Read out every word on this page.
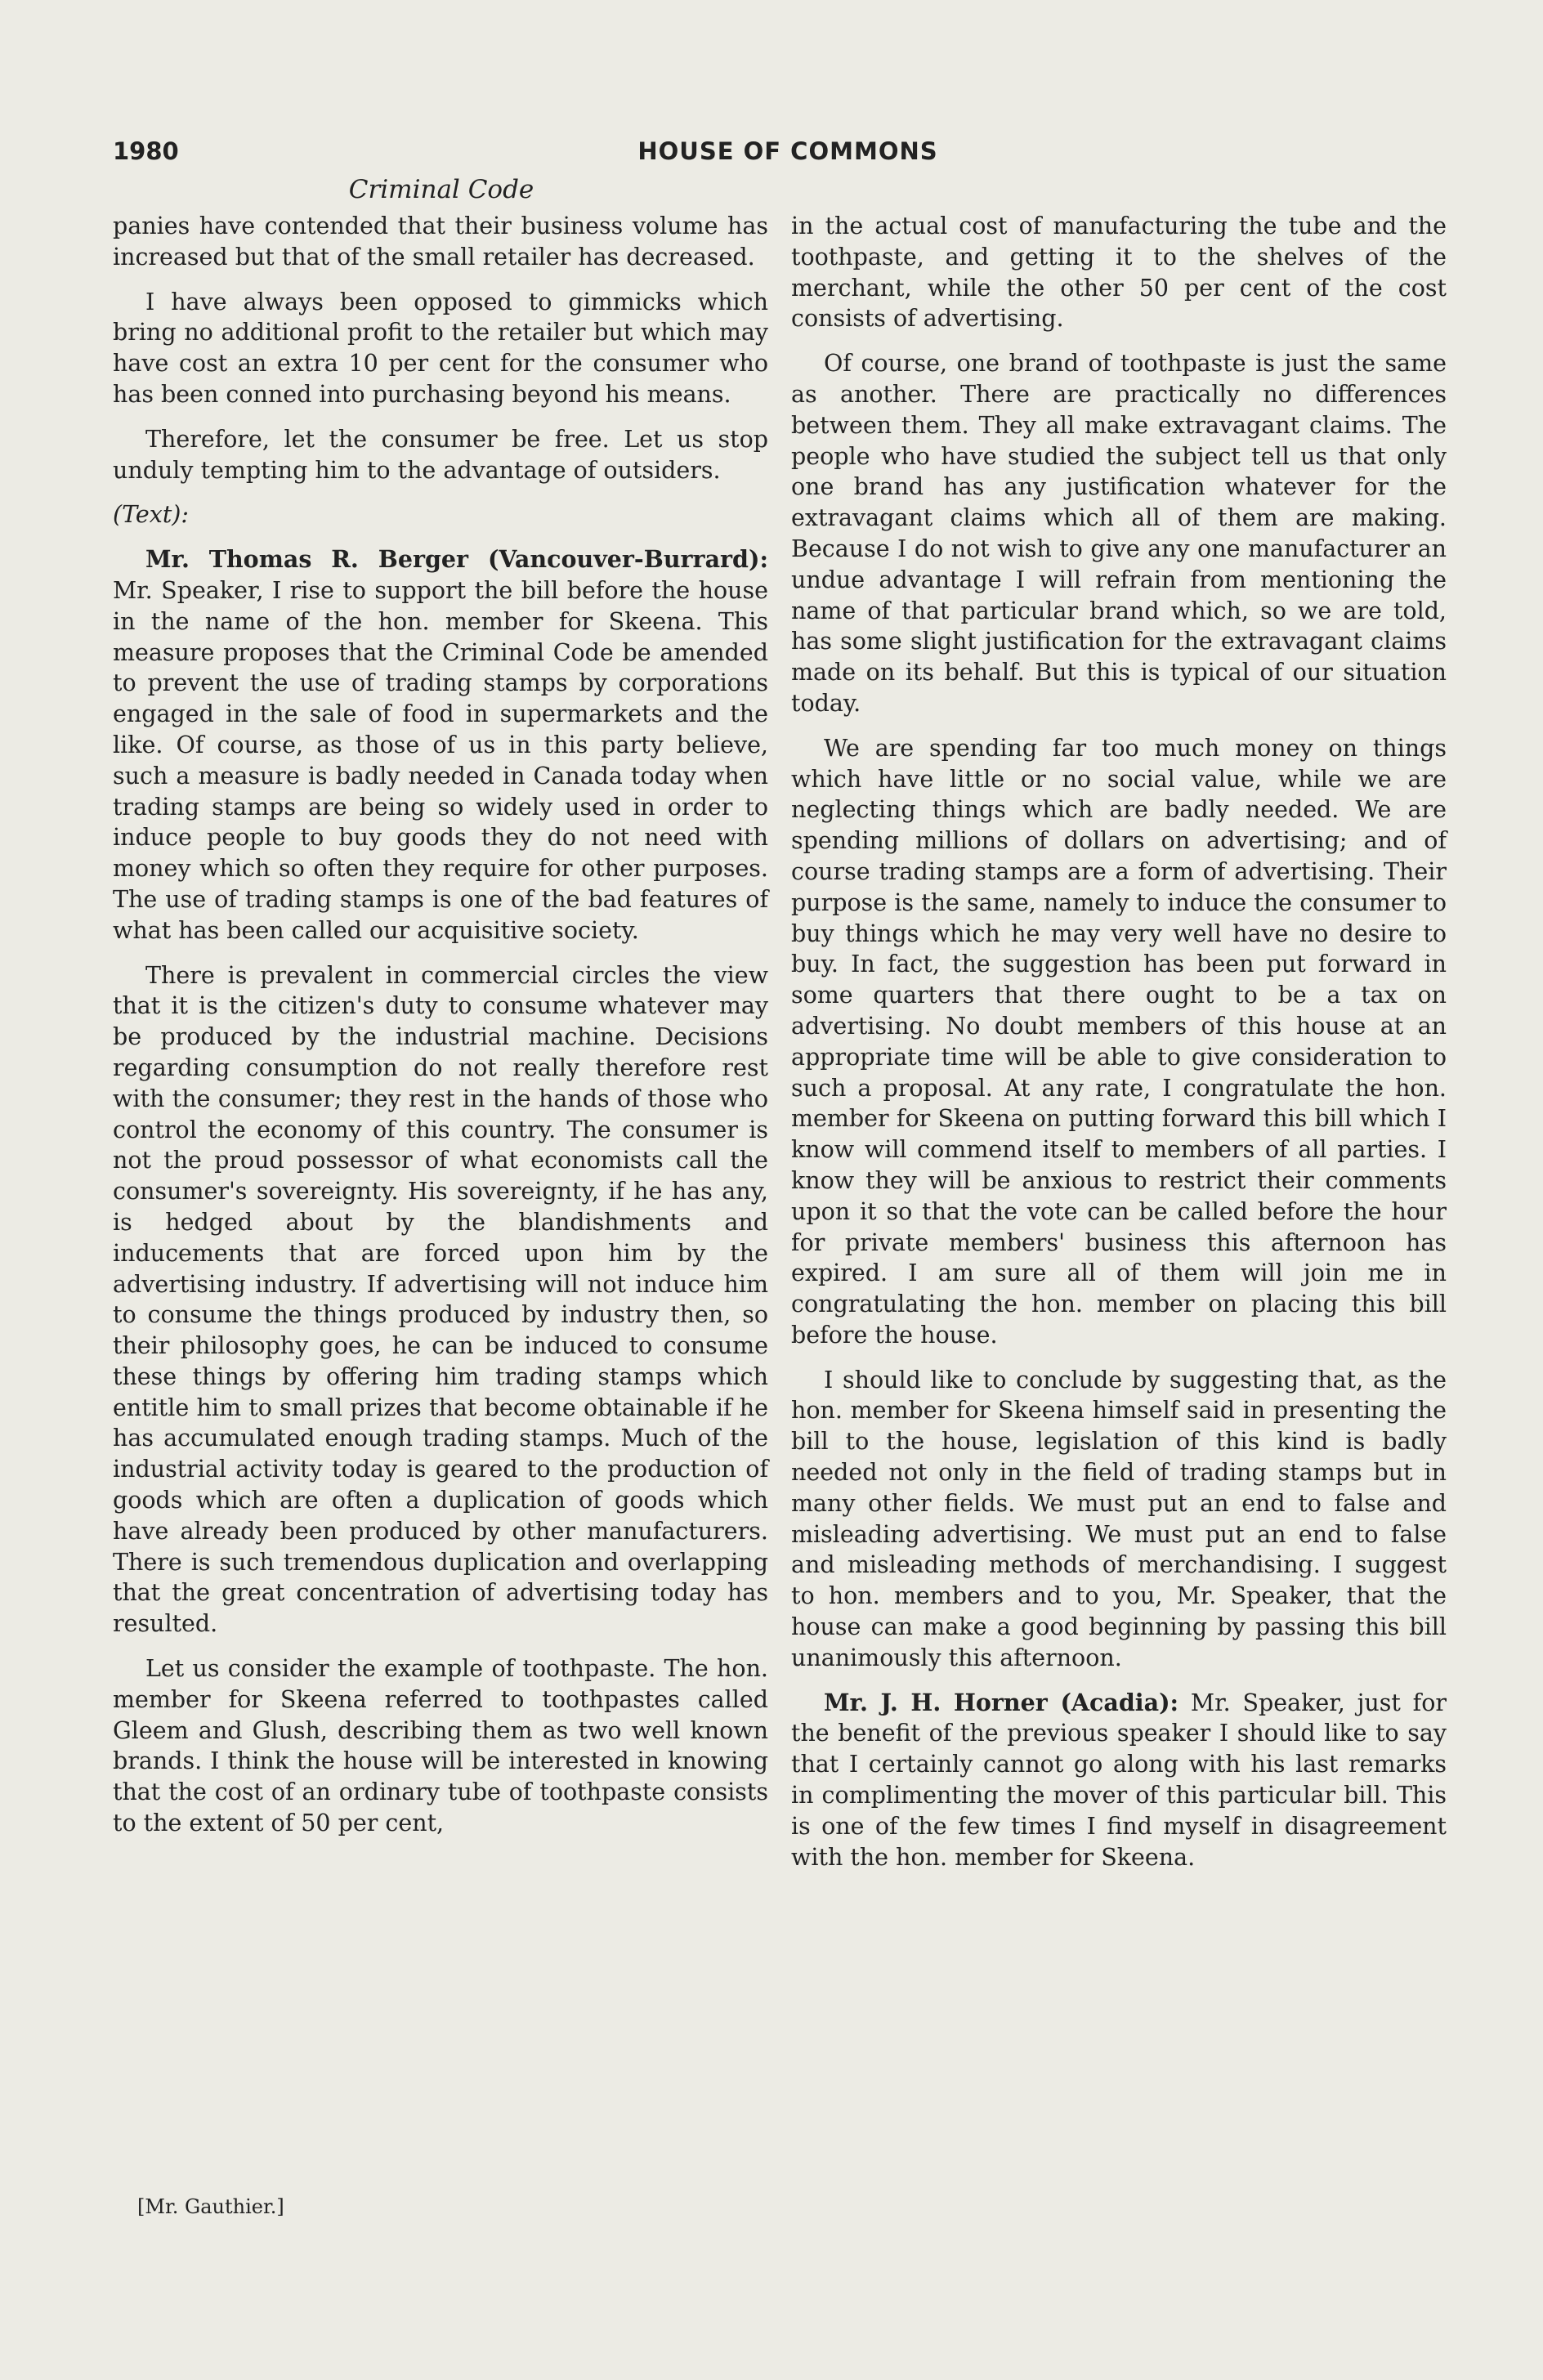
1980	HOUSE OF COMMONS
Criminal Code

panies have contended that their business volume has increased but that of the small retailer has decreased.

I have always been opposed to gimmicks which bring no additional profit to the retailer but which may have cost an extra 10 per cent for the consumer who has been conned into purchasing beyond his means.

Therefore, let the consumer be free. Let us stop unduly tempting him to the advantage of outsiders.

(Text):

Mr. Thomas R. Berger (Vancouver-Burrard): Mr. Speaker, I rise to support the bill before the house in the name of the hon. member for Skeena. This measure proposes that the Criminal Code be amended to prevent the use of trading stamps by corporations engaged in the sale of food in supermarkets and the like. Of course, as those of us in this party believe, such a measure is badly needed in Canada today when trading stamps are being so widely used in order to induce people to buy goods they do not need with money which so often they require for other purposes. The use of trading stamps is one of the bad features of what has been called our acquisitive society.

There is prevalent in commercial circles the view that it is the citizen's duty to consume whatever may be produced by the industrial machine. Decisions regarding consumption do not really therefore rest with the consumer; they rest in the hands of those who control the economy of this country. The consumer is not the proud possessor of what economists call the consumer's sovereignty. His sovereignty, if he has any, is hedged about by the blandishments and inducements that are forced upon him by the advertising industry. If advertising will not induce him to consume the things produced by industry then, so their philosophy goes, he can be induced to consume these things by offering him trading stamps which entitle him to small prizes that become obtainable if he has accumulated enough trading stamps. Much of the industrial activity today is geared to the production of goods which are often a duplication of goods which have already been produced by other manufacturers. There is such tremendous duplication and overlapping that the great concentration of advertising today has resulted.

Let us consider the example of toothpaste. The hon. member for Skeena referred to toothpastes called Gleem and Glush, describing them as two well known brands. I think the house will be interested in knowing that the cost of an ordinary tube of toothpaste consists to the extent of 50 per cent,

in the actual cost of manufacturing the tube and the toothpaste, and getting it to the shelves of the merchant, while the other 50 per cent of the cost consists of advertising.

Of course, one brand of toothpaste is just the same as another. There are practically no differences between them. They all make extravagant claims. The people who have studied the subject tell us that only one brand has any justification whatever for the extravagant claims which all of them are making. Because I do not wish to give any one manufacturer an undue advantage I will refrain from mentioning the name of that particular brand which, so we are told, has some slight justification for the extravagant claims made on its behalf. But this is typical of our situation today.

We are spending far too much money on things which have little or no social value, while we are neglecting things which are badly needed. We are spending millions of dollars on advertising; and of course trading stamps are a form of advertising. Their purpose is the same, namely to induce the consumer to buy things which he may very well have no desire to buy. In fact, the suggestion has been put forward in some quarters that there ought to be a tax on advertising. No doubt members of this house at an appropriate time will be able to give consideration to such a proposal. At any rate, I congratulate the hon. member for Skeena on putting forward this bill which I know will commend itself to members of all parties. I know they will be anxious to restrict their comments upon it so that the vote can be called before the hour for private members' business this afternoon has expired. I am sure all of them will join me in congratulating the hon. member on placing this bill before the house.

I should like to conclude by suggesting that, as the hon. member for Skeena himself said in presenting the bill to the house, legislation of this kind is badly needed not only in the field of trading stamps but in many other fields. We must put an end to false and misleading advertising. We must put an end to false and misleading methods of merchandising. I suggest to hon. members and to you, Mr. Speaker, that the house can make a good beginning by passing this bill unanimously this afternoon.

Mr. J. H. Horner (Acadia): Mr. Speaker, just for the benefit of the previous speaker I should like to say that I certainly cannot go along with his last remarks in complimenting the mover of this particular bill. This is one of the few times I find myself in disagreement with the hon. member for Skeena.

[Mr. Gauthier.]
